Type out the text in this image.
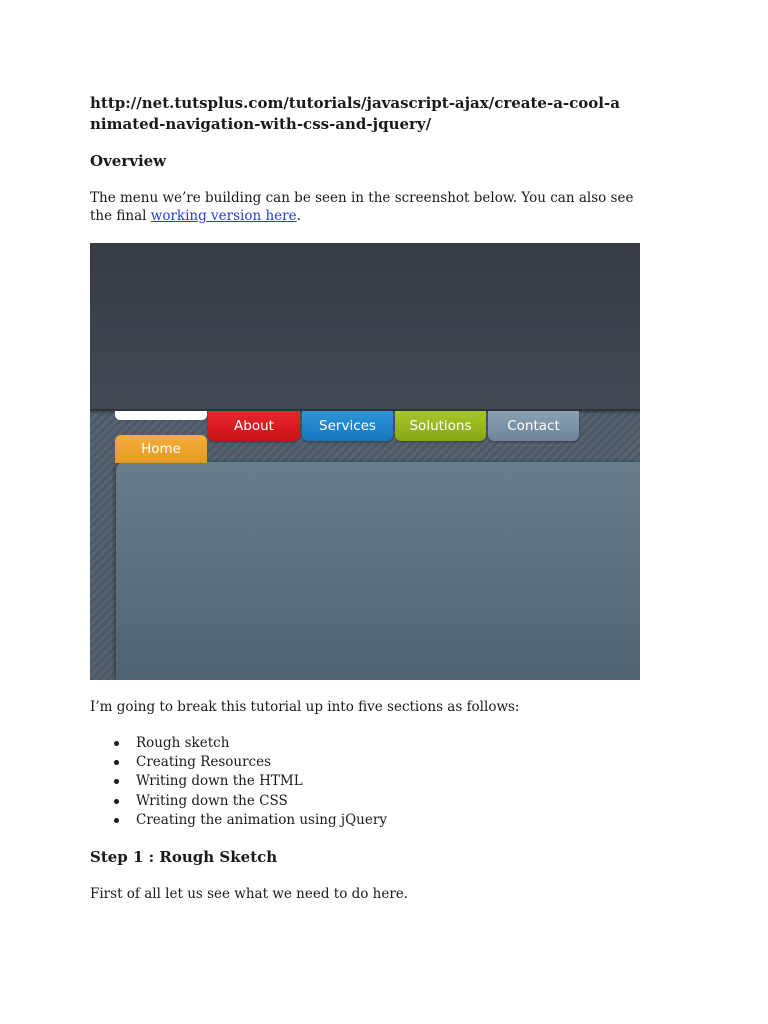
http://net.tutsplus.com/tutorials/javascript-ajax/create-a-cool-animated-navigation-with-css-and-jquery/
Overview

The menu we’re building can be seen in the screenshot below. You can also see the final working version here.

About	Services	Solutions	Contact
Home

I’m going to break this tutorial up into five sections as follows:

Rough sketch
Creating Resources
Writing down the HTML
Writing down the CSS
Creating the animation using jQuery
Step 1 : Rough Sketch

First of all let us see what we need to do here.
